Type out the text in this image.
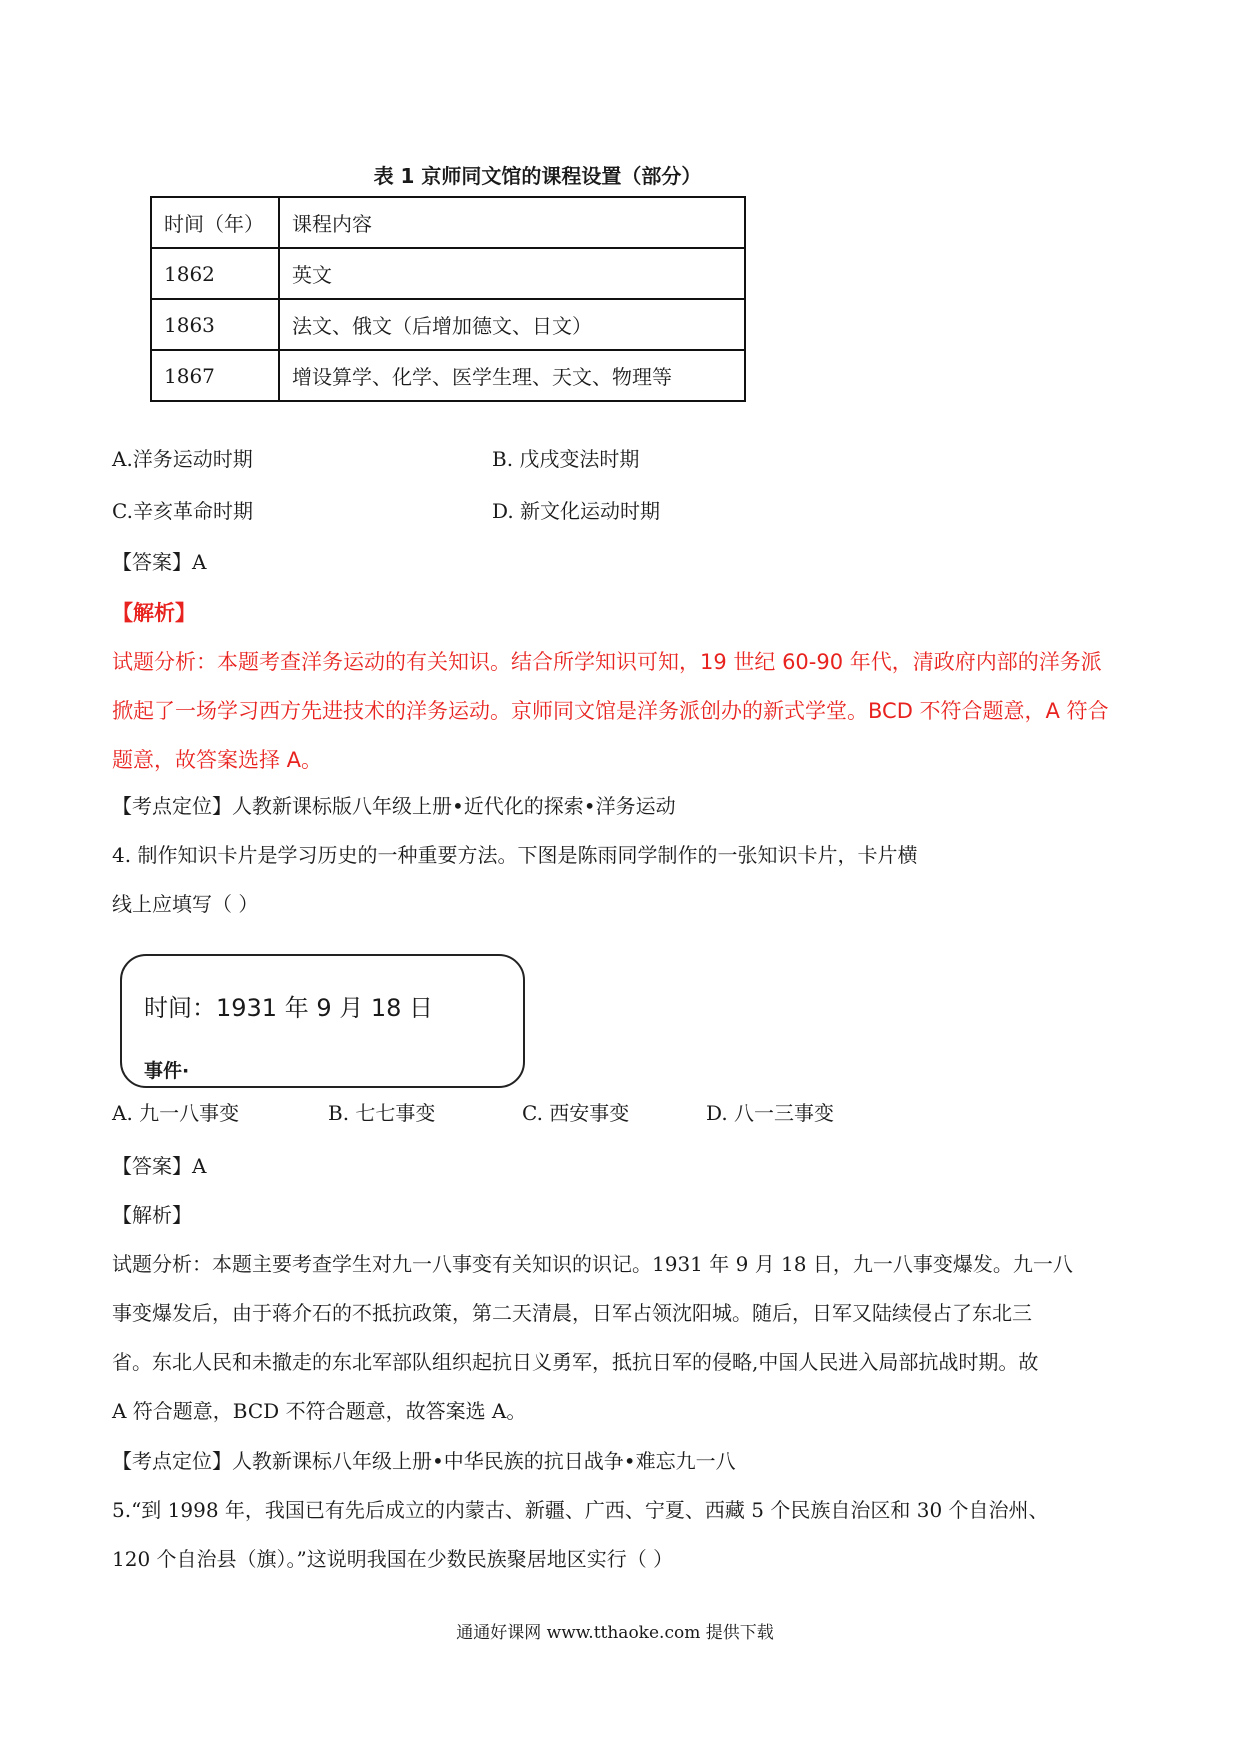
表 1 京师同文馆的课程设置（部分）
时间（年）	课程内容
1862	英文
1863	法文、俄文（后增加德文、日文）
1867	增设算学、化学、医学生理、天文、物理等
A.洋务运动时期	B. 戊戌变法时期
C.辛亥革命时期	D. 新文化运动时期
【答案】A
【解析】
试题分析：本题考查洋务运动的有关知识。结合所学知识可知，19 世纪 60-90 年代，清政府内部的洋务派
掀起了一场学习西方先进技术的洋务运动。京师同文馆是洋务派创办的新式学堂。BCD 不符合题意，A 符合
题意，故答案选择 A。
【考点定位】人教新课标版八年级上册•近代化的探索•洋务运动
4. 制作知识卡片是学习历史的一种重要方法。下图是陈雨同学制作的一张知识卡片，卡片横
线上应填写（ ）
时间：1931 年 9 月 18 日
事件·
A. 九一八事变	B. 七七事变	C. 西安事变	D. 八一三事变
【答案】A
【解析】
试题分析：本题主要考查学生对九一八事变有关知识的识记。1931 年 9 月 18 日，九一八事变爆发。九一八
事变爆发后，由于蒋介石的不抵抗政策，第二天清晨，日军占领沈阳城。随后，日军又陆续侵占了东北三
省。东北人民和未撤走的东北军部队组织起抗日义勇军，抵抗日军的侵略,中国人民进入局部抗战时期。故
A 符合题意，BCD 不符合题意，故答案选 A。
【考点定位】人教新课标八年级上册•中华民族的抗日战争•难忘九一八
5.“到 1998 年，我国已有先后成立的内蒙古、新疆、广西、宁夏、西藏 5 个民族自治区和 30 个自治州、
120 个自治县（旗）。”这说明我国在少数民族聚居地区实行（ ）
通通好课网 www.tthaoke.com 提供下载
